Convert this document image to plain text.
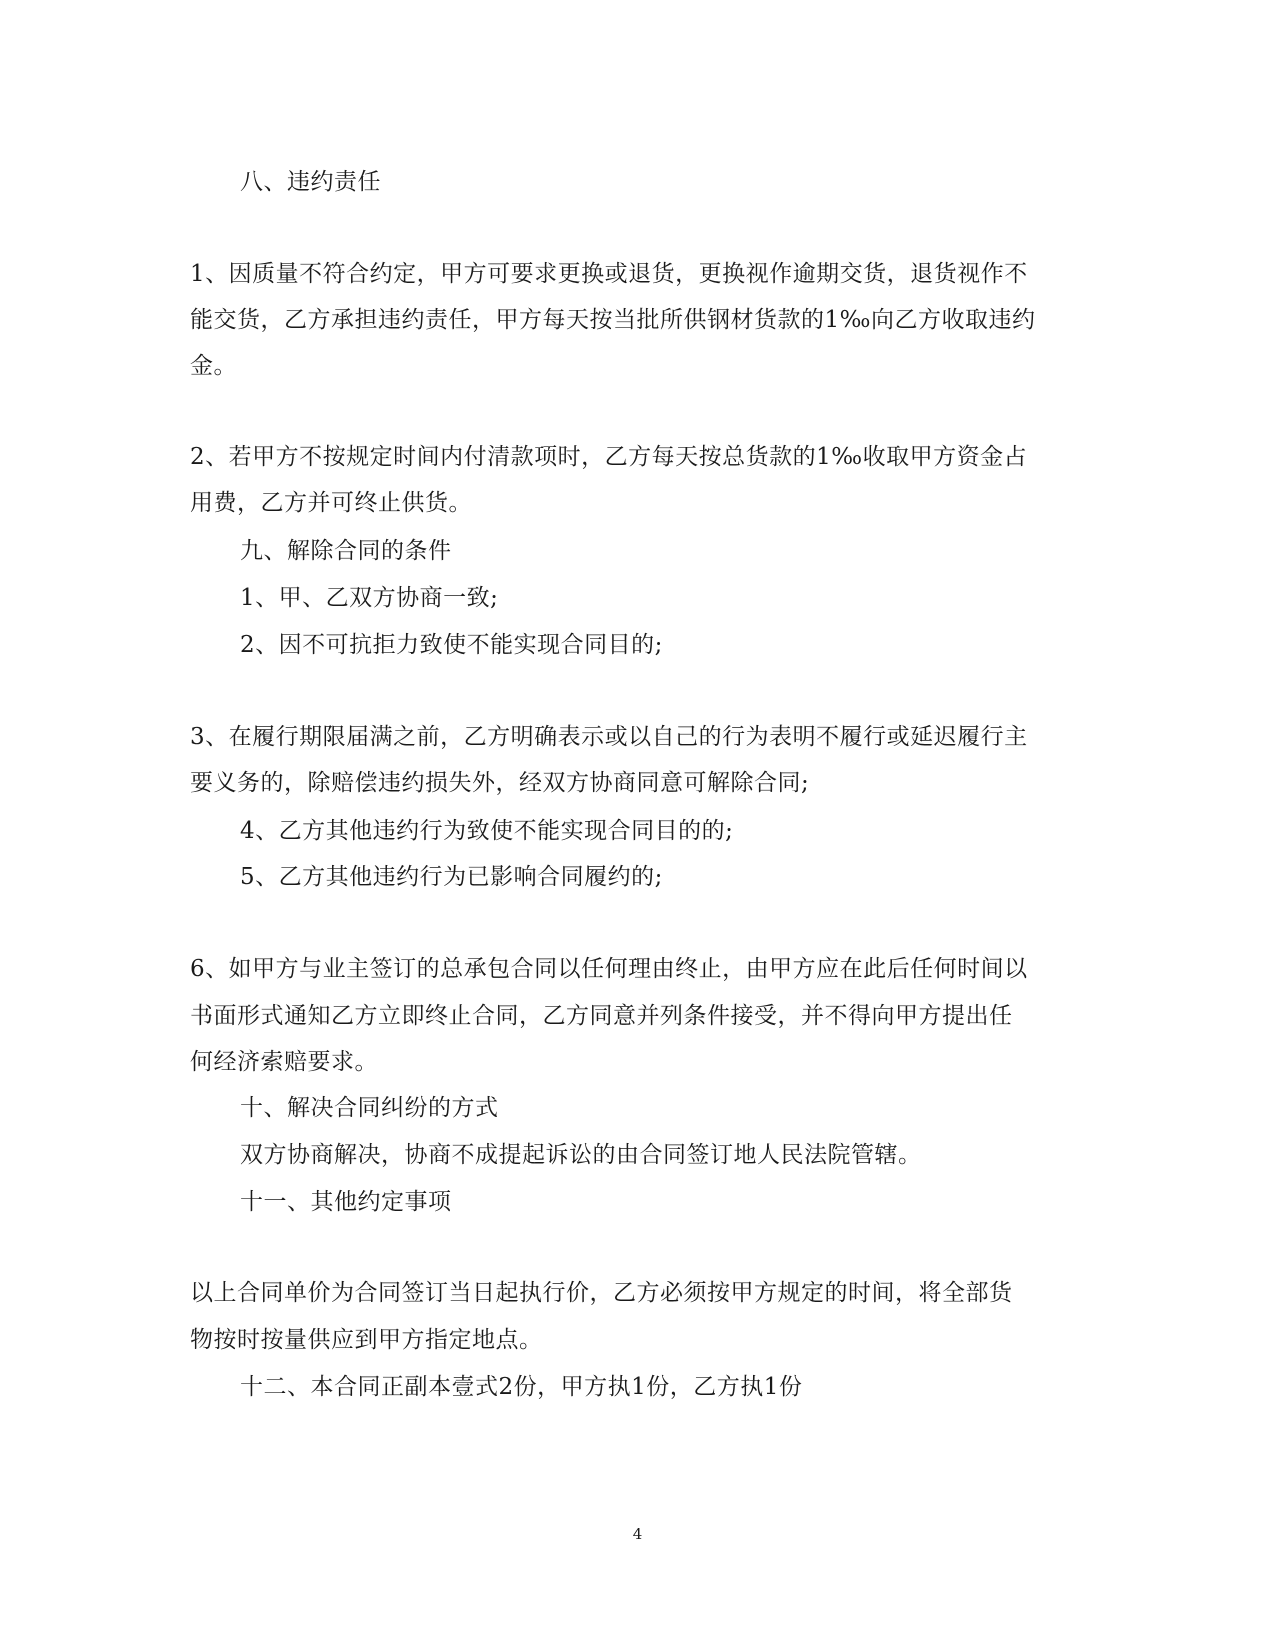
八、违约责任
1、因质量不符合约定，甲方可要求更换或退货，更换视作逾期交货，退货视作不
能交货，乙方承担违约责任，甲方每天按当批所供钢材货款的1‰向乙方收取违约
金。
2、若甲方不按规定时间内付清款项时，乙方每天按总货款的1‰收取甲方资金占
用费，乙方并可终止供货。
九、解除合同的条件
1、甲、乙双方协商一致;
2、因不可抗拒力致使不能实现合同目的;
3、在履行期限届满之前，乙方明确表示或以自己的行为表明不履行或延迟履行主
要义务的，除赔偿违约损失外，经双方协商同意可解除合同;
4、乙方其他违约行为致使不能实现合同目的的;
5、乙方其他违约行为已影响合同履约的;
6、如甲方与业主签订的总承包合同以任何理由终止，由甲方应在此后任何时间以
书面形式通知乙方立即终止合同，乙方同意并列条件接受，并不得向甲方提出任
何经济索赔要求。
十、解决合同纠纷的方式
双方协商解决，协商不成提起诉讼的由合同签订地人民法院管辖。
十一、其他约定事项
以上合同单价为合同签订当日起执行价，乙方必须按甲方规定的时间，将全部货
物按时按量供应到甲方指定地点。
十二、本合同正副本壹式2份，甲方执1份，乙方执1份
4
